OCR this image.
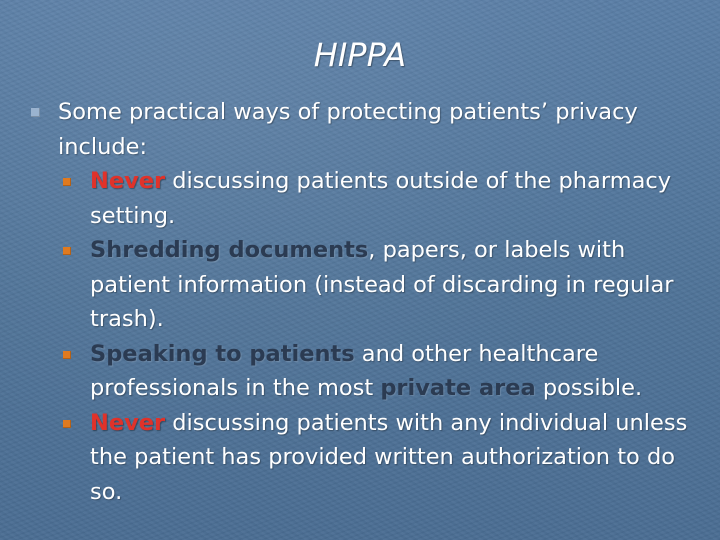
HIPPA
Some practical ways of protecting patients’ privacy include:
Never discussing patients outside of the pharmacy setting.
Shredding documents, papers, or labels with patient information (instead of discarding in regular trash).
Speaking to patients and other healthcare professionals in the most private area possible.
Never discussing patients with any individual unless the patient has provided written authorization to do so.
